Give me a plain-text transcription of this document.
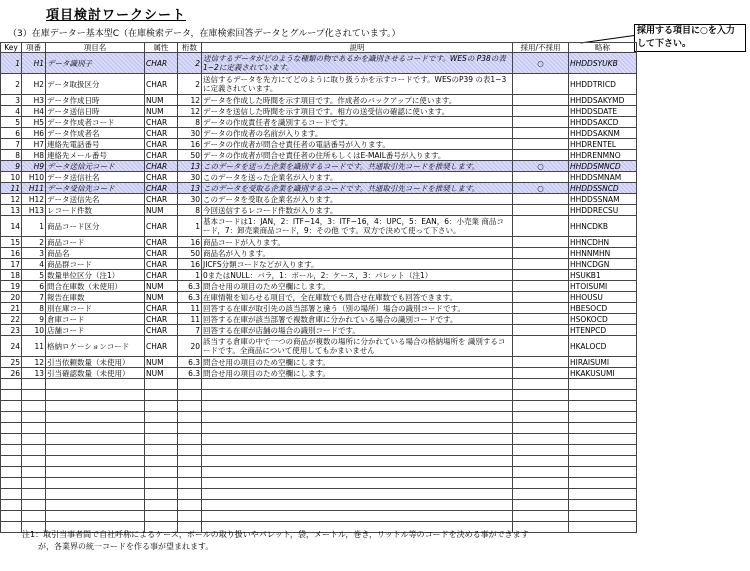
項目検討ワークシート
（3）在庫データー基本型C（在庫検索データ，在庫検索回答データとグループ化されています。）	採用する項目に○を入力して下さい。
Key	項番	項目名	属性	桁数	説明	採用/不採用	略称
1	H1	データ識別子	CHAR	2	送信するデータがどのような種類の物であるかを識別させるコードです。WESの P38の表1−2に定義されています。	○	HHDDSYUKB
2	H2	データ取扱区分	CHAR	2	送信するデータを先方にてどのように取り扱うかを示すコードです。WESのP39 の表1−3に定義されています。		HHDDTRICD
3	H3	データ作成日時	NUM	12	データを作成した時間を示す項目です。作成者のバックアップに使います。		HHDDSAKYMD
4	H4	データ送信日時	NUM	12	データを送信した時間を示す項目です。相方の送受信の確認に使います。		HHDDSDATE
5	H5	データ作成者コード	CHAR	8	データの作成責任者を識別するコードです。		HHDDSAKCD
6	H6	データ作成者名	CHAR	30	データの作成者の名前が入ります。		HHDDSAKNM
7	H7	連絡先電話番号	CHAR	16	データの作成者が問合せ責任者の電話番号が入ります。		HHDRENTEL
8	H8	連絡先メール番号	CHAR	50	データの作成者が問合せ責任者の住所もしくはE-MAIL番号が入ります。		HHDRENMNO
9	H9	データ送信元コード	CHAR	13	このデータを送った企業を識別するコードです。共通取引先コードを推奨します。	○	HHDDSMNCD
10	H10	データ送信社名	CHAR	30	このデータを送った企業名が入ります。		HHDDSMNAM
11	H11	データ受信先コード	CHAR	13	このデータを受取る企業を識別するコードです。共通取引先コードを推奨します。	○	HHDDSSNCD
12	H12	データ送信先名	CHAR	30	このデータを受取る企業名が入ります。		HHDDSSNAM
13	H13	レコード件数	NUM	8	今回送信するレコード件数が入ります。		HHDDRECSU
14	1	商品コード区分	CHAR	1	基本コードは1：JAN，2：ITF−14，3：ITF−16，4：UPC，5：EAN，6：小売業 商品コード，7：卸売業商品コード，9：その他 です。双方で決めて使って下さい。		HHNCDKB
15	2	商品コード	CHAR	16	商品コードが入ります。		HHNCDHN
16	3	商品名	CHAR	50	商品名が入ります。		HHNNMHN
17	4	商品群コード	CHAR	16	JICFS分類コードなどが入ります。		HHNCDGN
18	5	数量単位区分（注1）	CHAR	1	0またはNULL：バラ，1：ボール，2：ケース，3：パレット（注1）		HSUKB1
19	6	問合在庫数（未使用）	NUM	6.3	問合せ用の項目のため空欄にします。		HTOISUMI
20	7	報告在庫数	NUM	6.3	在庫情報を知らせる項目で，全在庫数でも問合せ在庫数でも回答できます。		HHOUSU
21	8	別在庫コード	CHAR	11	回答する在庫が取引先の該当部署と違う（別の場所）場合の識別コードです。		HBESOCD
22	9	倉庫コード	CHAR	11	回答する在庫が該当部署で複数倉庫に分かれている場合の識別コードです。		HSOKOCD
23	10	店舗コード	CHAR	7	回答する在庫が店舗の場合の識別コードです。		HTENPCD
24	11	格納ロケーションコード	CHAR	20	該当する倉庫の中で一つの商品が複数の場所に分かれている場合の格納場所を 識別するコードです。全商品について使用してもかまいません		HKALOCD
25	12	引当依頼数量（未使用）	NUM	6.3	問合せ用の項目のため空欄にします。		HIRAISUMI
26	13	引当確認数量（未使用）	NUM	6.3	問合せ用の項目のため空欄にします。		HKAKUSUMI

注1：取引当事者間で自社呼称によるケース，ボールの取り扱いやパレット，袋，メートル，巻き，リットル等のコードを決める事ができます
が，各業界の統一コードを作る事が望まれます。
